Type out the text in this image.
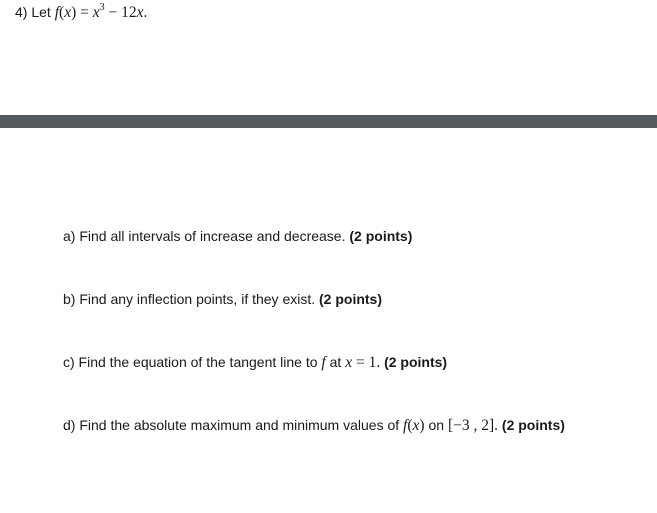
4) Let $f(x) = x^3 - 12x$.
a) Find all intervals of increase and decrease. (2 points)
b) Find any inflection points, if they exist. (2 points)
c) Find the equation of the tangent line to f at x = 1. (2 points)
d) Find the absolute maximum and minimum values of f(x) on [−3 , 2]. (2 points)
